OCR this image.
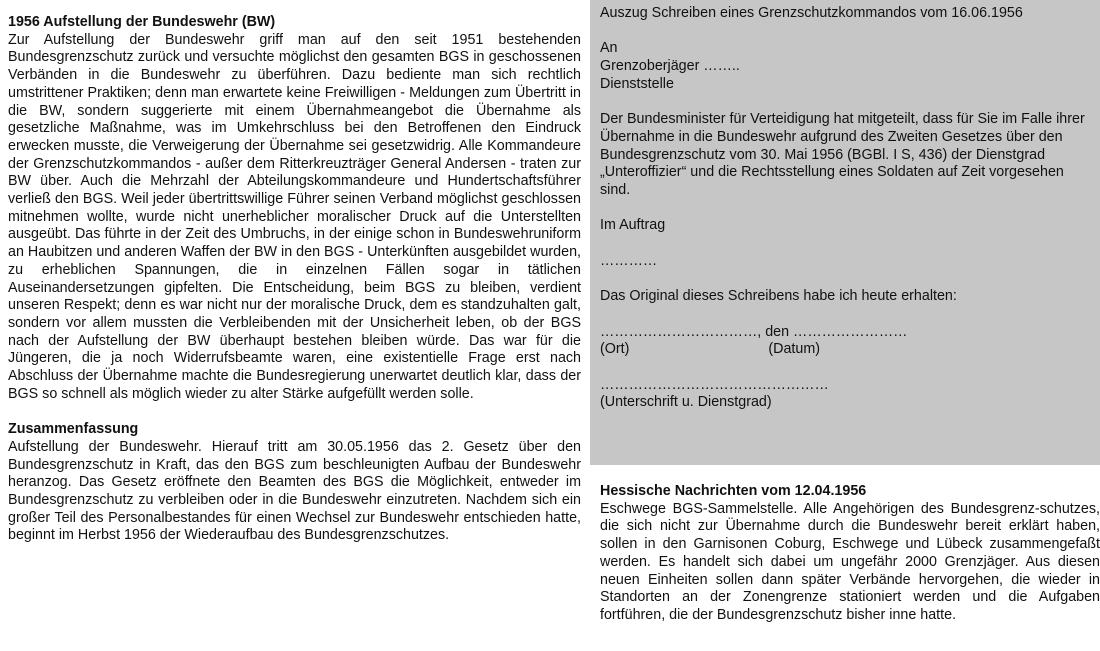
1956 Aufstellung der Bundeswehr (BW)

Zur Aufstellung der Bundeswehr griff man auf den seit 1951 bestehenden Bundesgrenzschutz zurück und versuchte möglichst den gesamten BGS in geschossenen Verbänden in die Bundeswehr zu überführen. Dazu bediente man sich rechtlich umstrittener Praktiken; denn man erwartete keine Freiwilligen - Meldungen zum Übertritt in die BW, sondern suggerierte mit einem Übernahmeangebot die Übernahme als gesetzliche Maßnahme, was im Umkehrschluss bei den Betroffenen den Eindruck erwecken musste, die Verweigerung der Übernahme sei gesetzwidrig. Alle Kommandeure der Grenzschutzkommandos - außer dem Ritterkreuzträger General Andersen - traten zur BW über. Auch die Mehrzahl der Abteilungskommandeure und Hundertschaftsführer verließ den BGS. Weil jeder übertrittswillige Führer seinen Verband möglichst geschlossen mitnehmen wollte, wurde nicht unerheblicher moralischer Druck auf die Unterstellten ausgeübt. Das führte in der Zeit des Umbruchs, in der einige schon in Bundeswehruniform an Haubitzen und anderen Waffen der BW in den BGS - Unterkünften ausgebildet wurden, zu erheblichen Spannungen, die in einzelnen Fällen sogar in tätlichen Auseinandersetzungen gipfelten. Die Entscheidung, beim BGS zu bleiben, verdient unseren Respekt; denn es war nicht nur der moralische Druck, dem es standzuhalten galt, sondern vor allem mussten die Verbleibenden mit der Unsicherheit leben, ob der BGS nach der Aufstellung der BW überhaupt bestehen bleiben würde. Das war für die Jüngeren, die ja noch Widerrufsbeamte waren, eine existentielle Frage erst nach Abschluss der Übernahme machte die Bundesregierung unerwartet deutlich klar, dass der BGS so schnell als möglich wieder zu alter Stärke aufgefüllt werden solle.

Zusammenfassung

Aufstellung der Bundeswehr. Hierauf tritt am 30.05.1956 das 2. Gesetz über den Bundesgrenzschutz in Kraft, das den BGS zum beschleunigten Aufbau der Bundeswehr heranzog. Das Gesetz eröffnete den Beamten des BGS die Möglichkeit, entweder im Bundesgrenzschutz zu verbleiben oder in die Bundeswehr einzutreten. Nachdem sich ein großer Teil des Personalbestandes für einen Wechsel zur Bundeswehr entschieden hatte, beginnt im Herbst 1956 der Wiederaufbau des Bundesgrenzschutzes.

Auszug Schreiben eines Grenzschutzkommandos vom 16.06.1956

An

Grenzoberjäger ……..

Dienststelle

Der Bundesminister für Verteidigung hat mitgeteilt, dass für Sie im Falle ihrer Übernahme in die Bundeswehr aufgrund des Zweiten Gesetzes über den Bundesgrenzschutz vom 30. Mai 1956 (BGBl. I S, 436) der Dienstgrad „Unteroffizier“ und die Rechtsstellung eines Soldaten auf Zeit vorgesehen sind.

Im Auftrag

…………

Das Original dieses Schreibens habe ich heute erhalten:

……………………………, den ……………………

(Ort)                                   (Datum)

…………………………………………

(Unterschrift u. Dienstgrad)

Hessische Nachrichten vom 12.04.1956

Eschwege BGS-Sammelstelle. Alle Angehörigen des Bundesgrenz-schutzes, die sich nicht zur Übernahme durch die Bundeswehr bereit erklärt haben, sollen in den Garnisonen Coburg, Eschwege und Lübeck zusammengefaßt werden. Es handelt sich dabei um ungefähr 2000 Grenzjäger. Aus diesen neuen Einheiten sollen dann später Verbände hervorgehen, die wieder in Standorten an der Zonengrenze stationiert werden und die Aufgaben fortführen, die der Bundesgrenzschutz bisher inne hatte.
